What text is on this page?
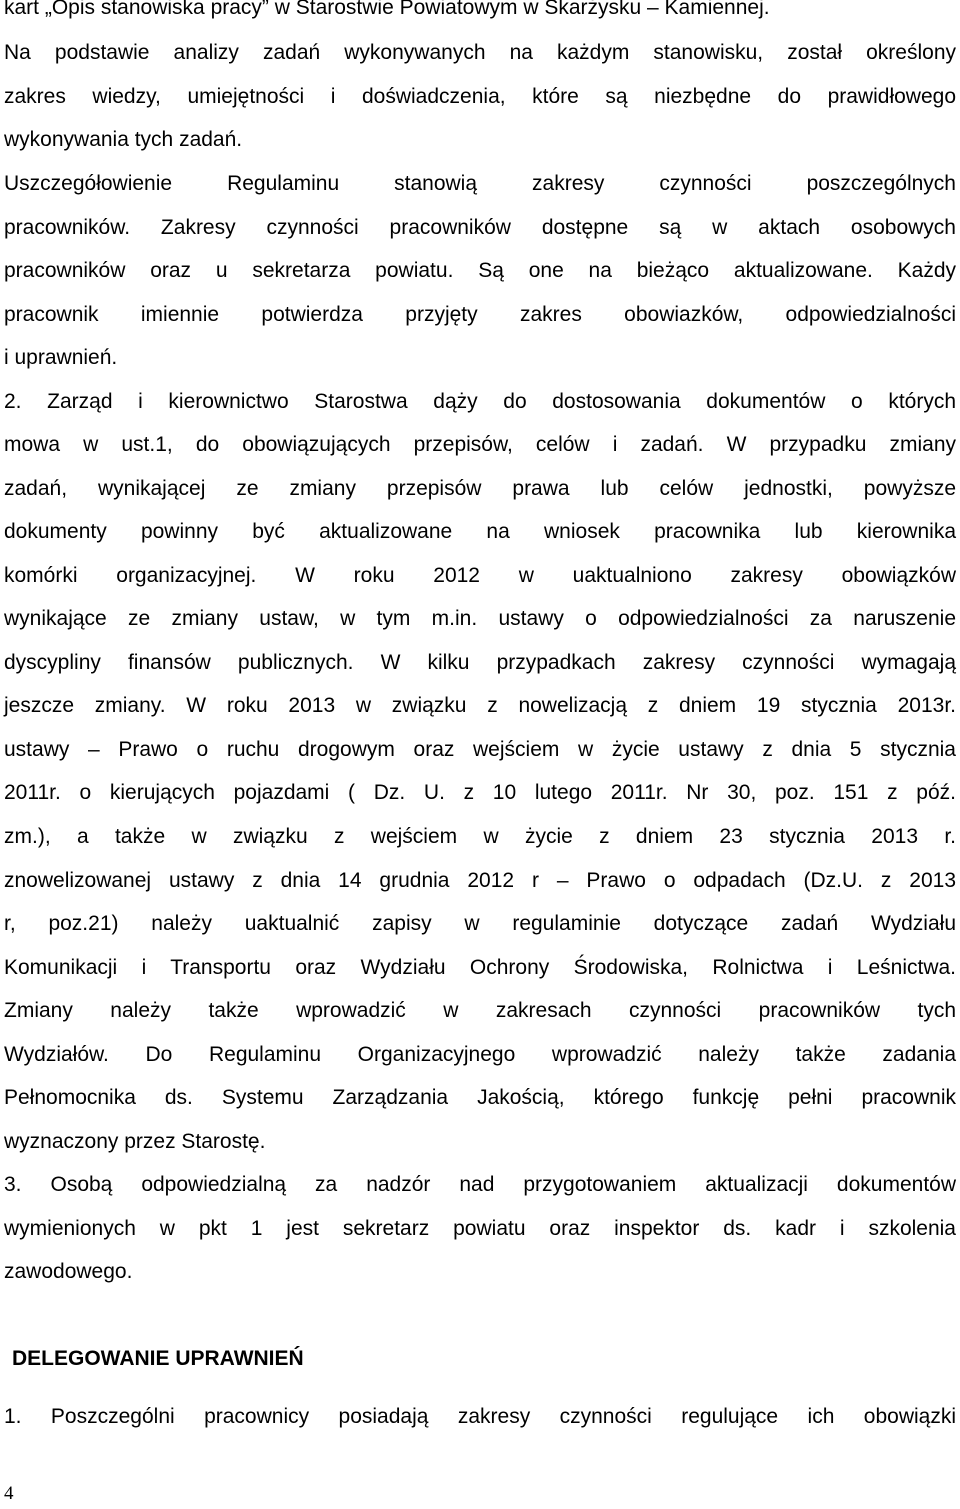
kart „Opis stanowiska pracy” w Starostwie Powiatowym w Skarżysku – Kamiennej.
Na podstawie analizy zadań wykonywanych na każdym stanowisku, został określony
zakres wiedzy, umiejętności i doświadczenia, które są niezbędne do prawidłowego
wykonywania tych zadań.
Uszczegółowienie Regulaminu stanowią zakresy czynności poszczególnych
pracowników. Zakresy czynności pracowników dostępne są w aktach osobowych
pracowników oraz u sekretarza powiatu. Są one na bieżąco aktualizowane. Każdy
pracownik imiennie potwierdza przyjęty zakres obowiazków, odpowiedzialności
i uprawnień.
2. Zarząd i kierownictwo Starostwa dąży do dostosowania dokumentów o których
mowa w ust.1, do obowiązujących przepisów, celów i zadań. W przypadku zmiany
zadań, wynikającej ze zmiany przepisów prawa lub celów jednostki, powyższe
dokumenty powinny być aktualizowane na wniosek pracownika lub kierownika
komórki organizacyjnej. W roku 2012 w uaktualniono zakresy obowiązków
wynikające ze zmiany ustaw, w tym m.in. ustawy o odpowiedzialności za naruszenie
dyscypliny finansów publicznych. W kilku przypadkach zakresy czynności wymagają
jeszcze zmiany. W roku 2013 w związku z nowelizacją z dniem 19 stycznia 2013r.
ustawy – Prawo o ruchu drogowym oraz wejściem w życie ustawy z dnia 5 stycznia
2011r. o kierujących pojazdami ( Dz. U. z 10 lutego 2011r. Nr 30, poz. 151 z póź.
zm.), a także w związku z wejściem w życie z dniem 23 stycznia 2013 r.
znowelizowanej ustawy z dnia 14 grudnia 2012 r – Prawo o odpadach (Dz.U. z 2013
r, poz.21) należy uaktualnić zapisy w regulaminie dotyczące zadań Wydziału
Komunikacji i Transportu oraz Wydziału Ochrony Środowiska, Rolnictwa i Leśnictwa.
Zmiany należy także wprowadzić w zakresach czynności pracowników tych
Wydziałów. Do Regulaminu Organizacyjnego wprowadzić należy także zadania
Pełnomocnika ds. Systemu Zarządzania Jakością, którego funkcję pełni pracownik
wyznaczony przez Starostę.
3. Osobą odpowiedzialną za nadzór nad przygotowaniem aktualizacji dokumentów
wymienionych w pkt 1 jest sekretarz powiatu oraz inspektor ds. kadr i szkolenia
zawodowego.
DELEGOWANIE UPRAWNIEŃ
1. Poszczególni pracownicy posiadają zakresy czynności regulujące ich obowiązki
4
